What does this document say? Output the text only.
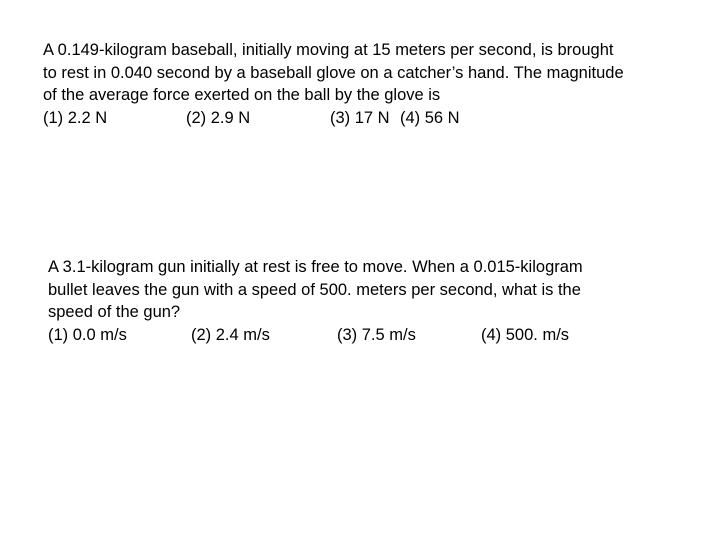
A 0.149-kilogram baseball, initially moving at 15 meters per second, is brought
to rest in 0.040 second by a baseball glove on a catcher’s hand. The magnitude
of the average force exerted on the ball by the glove is
(1) 2.2 N	(2) 2.9 N	(3) 17 N (4) 56 N
A 3.1-kilogram gun initially at rest is free to move. When a 0.015-kilogram
bullet leaves the gun with a speed of 500. meters per second, what is the
speed of the gun?
(1) 0.0 m/s	(2) 2.4 m/s	(3) 7.5 m/s	(4) 500. m/s
